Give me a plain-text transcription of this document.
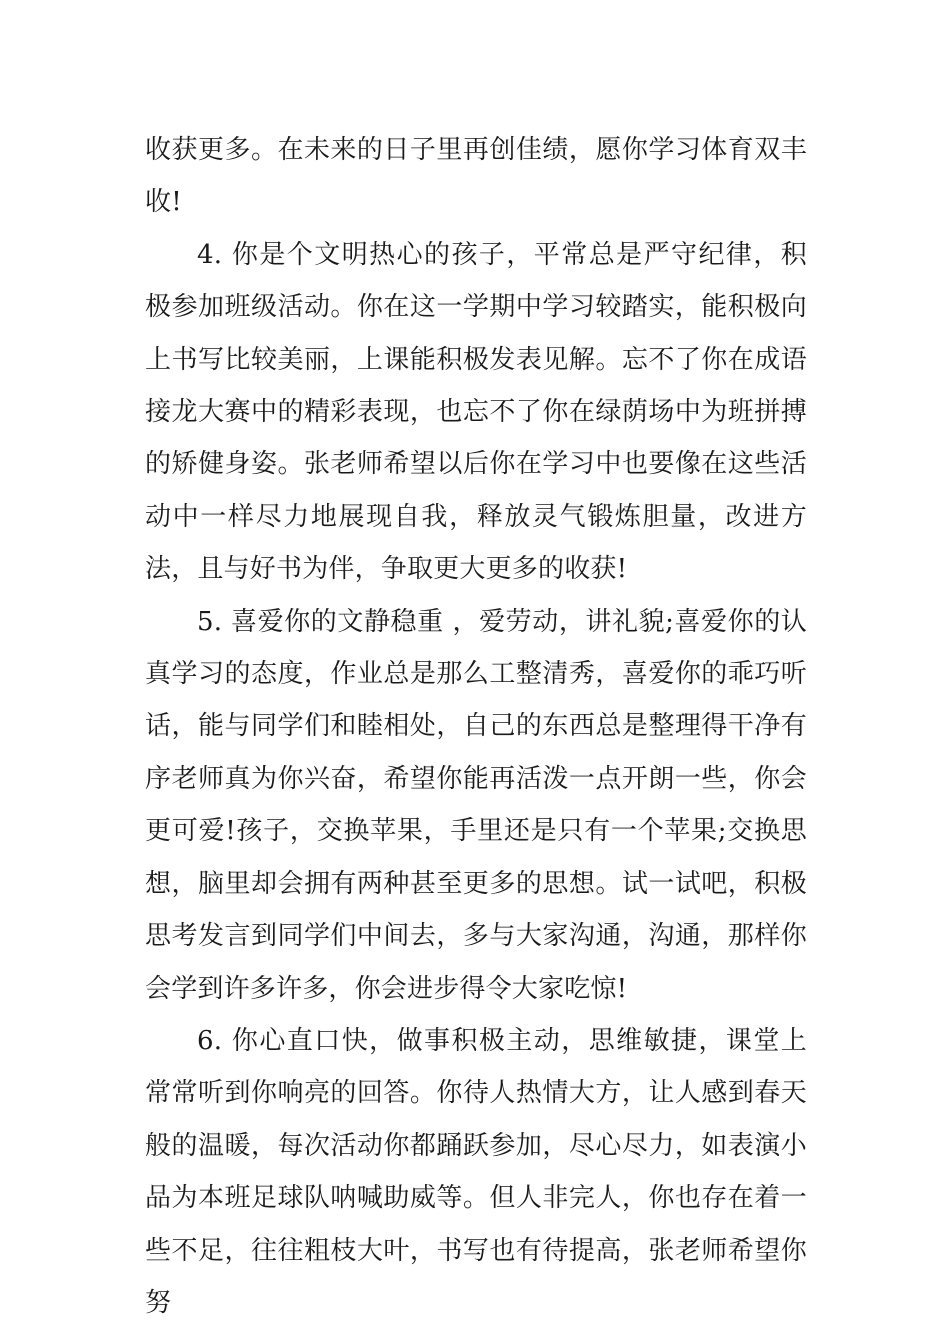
收获更多。在未来的日子里再创佳绩，愿你学习体育双丰收!

4. 你是个文明热心的孩子，平常总是严守纪律，积极参加班级活动。你在这一学期中学习较踏实，能积极向上书写比较美丽，上课能积极发表见解。忘不了你在成语接龙大赛中的精彩表现，也忘不了你在绿荫场中为班拼搏的矫健身姿。张老师希望以后你在学习中也要像在这些活动中一样尽力地展现自我，释放灵气锻炼胆量，改进方法，且与好书为伴，争取更大更多的收获!

5. 喜爱你的文静稳重 ，爱劳动，讲礼貌;喜爱你的认真学习的态度，作业总是那么工整清秀，喜爱你的乖巧听话，能与同学们和睦相处，自己的东西总是整理得干净有序老师真为你兴奋，希望你能再活泼一点开朗一些，你会更可爱!孩子，交换苹果，手里还是只有一个苹果;交换思想，脑里却会拥有两种甚至更多的思想。试一试吧，积极思考发言到同学们中间去，多与大家沟通，沟通，那样你会学到许多许多，你会进步得令大家吃惊!

6. 你心直口快，做事积极主动，思维敏捷，课堂上常常听到你响亮的回答。你待人热情大方，让人感到春天般的温暖，每次活动你都踊跃参加，尽心尽力，如表演小品为本班足球队呐喊助威等。但人非完人，你也存在着一些不足，往往粗枝大叶，书写也有待提高，张老师希望你努
